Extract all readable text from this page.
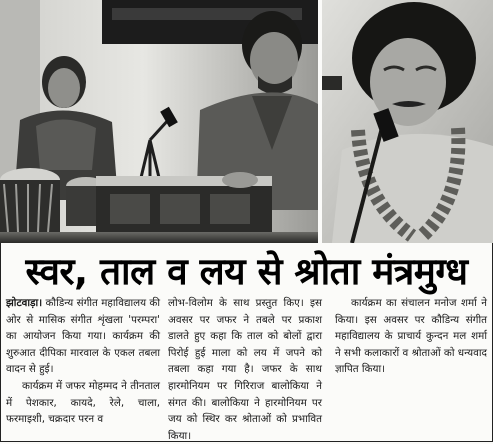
स्वर, ताल व लय से श्रोता मंत्रमुग्ध

झोटवाड़ा। कौडिन्य संगीत महाविद्यालय की ओर से मासिक संगीत शृंखला 'परम्परा' का आयोजन किया गया। कार्यक्रम की शुरुआत दीपिका मारवाल के एकल तबला वादन से हुई।

कार्यक्रम में जफर मोहम्मद ने तीनताल में पेशकार, कायदे, रेले, चाला, फरमाइशी, चक्रदार परन व

लोभ-विलोम के साथ प्रस्तुत किए। इस अवसर पर जफर ने तबले पर प्रकाश डालते हुए कहा कि ताल को बोलों द्वारा पिरोई हुई माला को लय में जपने को तबला कहा गया है। जफर के साथ हारमोनियम पर गिरिराज बालोकिया ने संगत की। बालोकिया ने हारमोनियम पर जय को स्थिर कर श्रोताओं को प्रभावित किया।

कार्यक्रम का संचालन मनोज शर्मा ने किया। इस अवसर पर कौडिन्य संगीत महाविद्यालय के प्राचार्य कुन्दन मल शर्मा ने सभी कलाकारों व श्रोताओं को धन्यवाद ज्ञापित किया।
